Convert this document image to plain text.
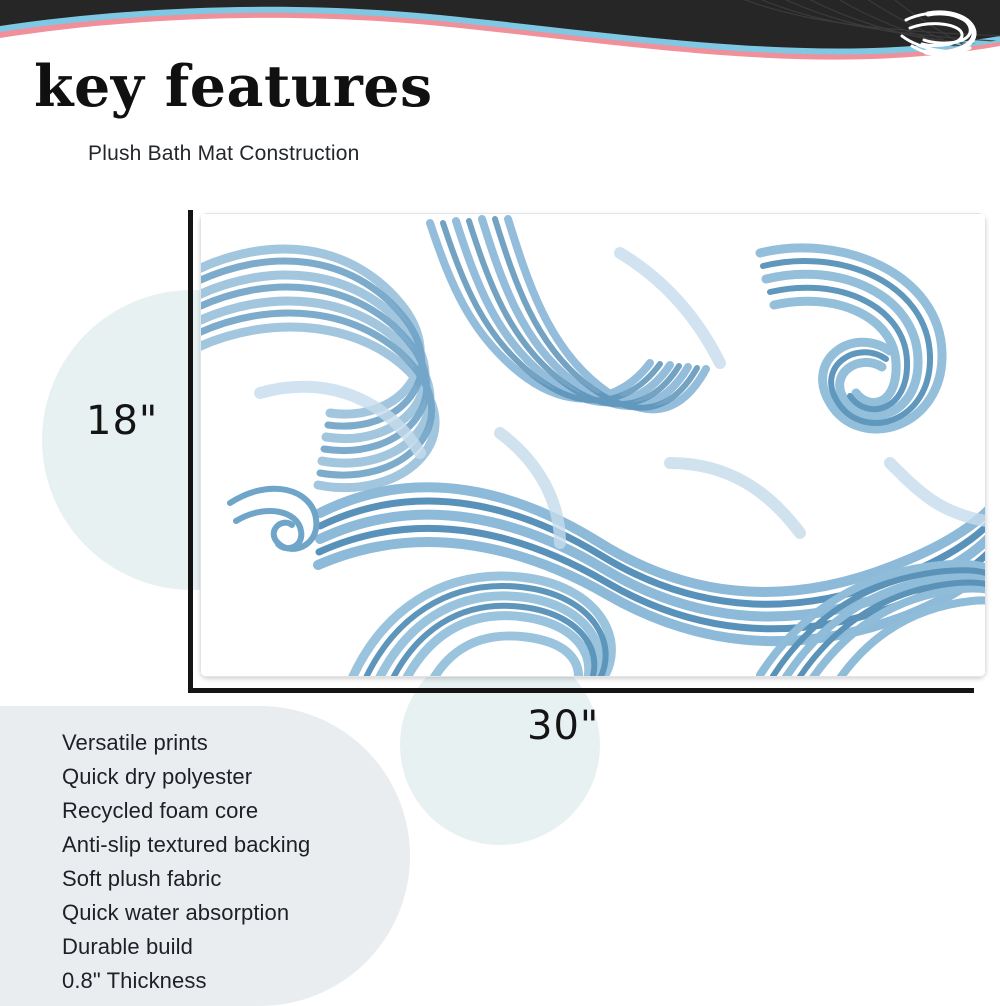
key features
Plush Bath Mat Construction
18"
30"
Versatile prints
Quick dry polyester
Recycled foam core
Anti-slip textured backing
Soft plush fabric
Quick water absorption
Durable build
0.8" Thickness
